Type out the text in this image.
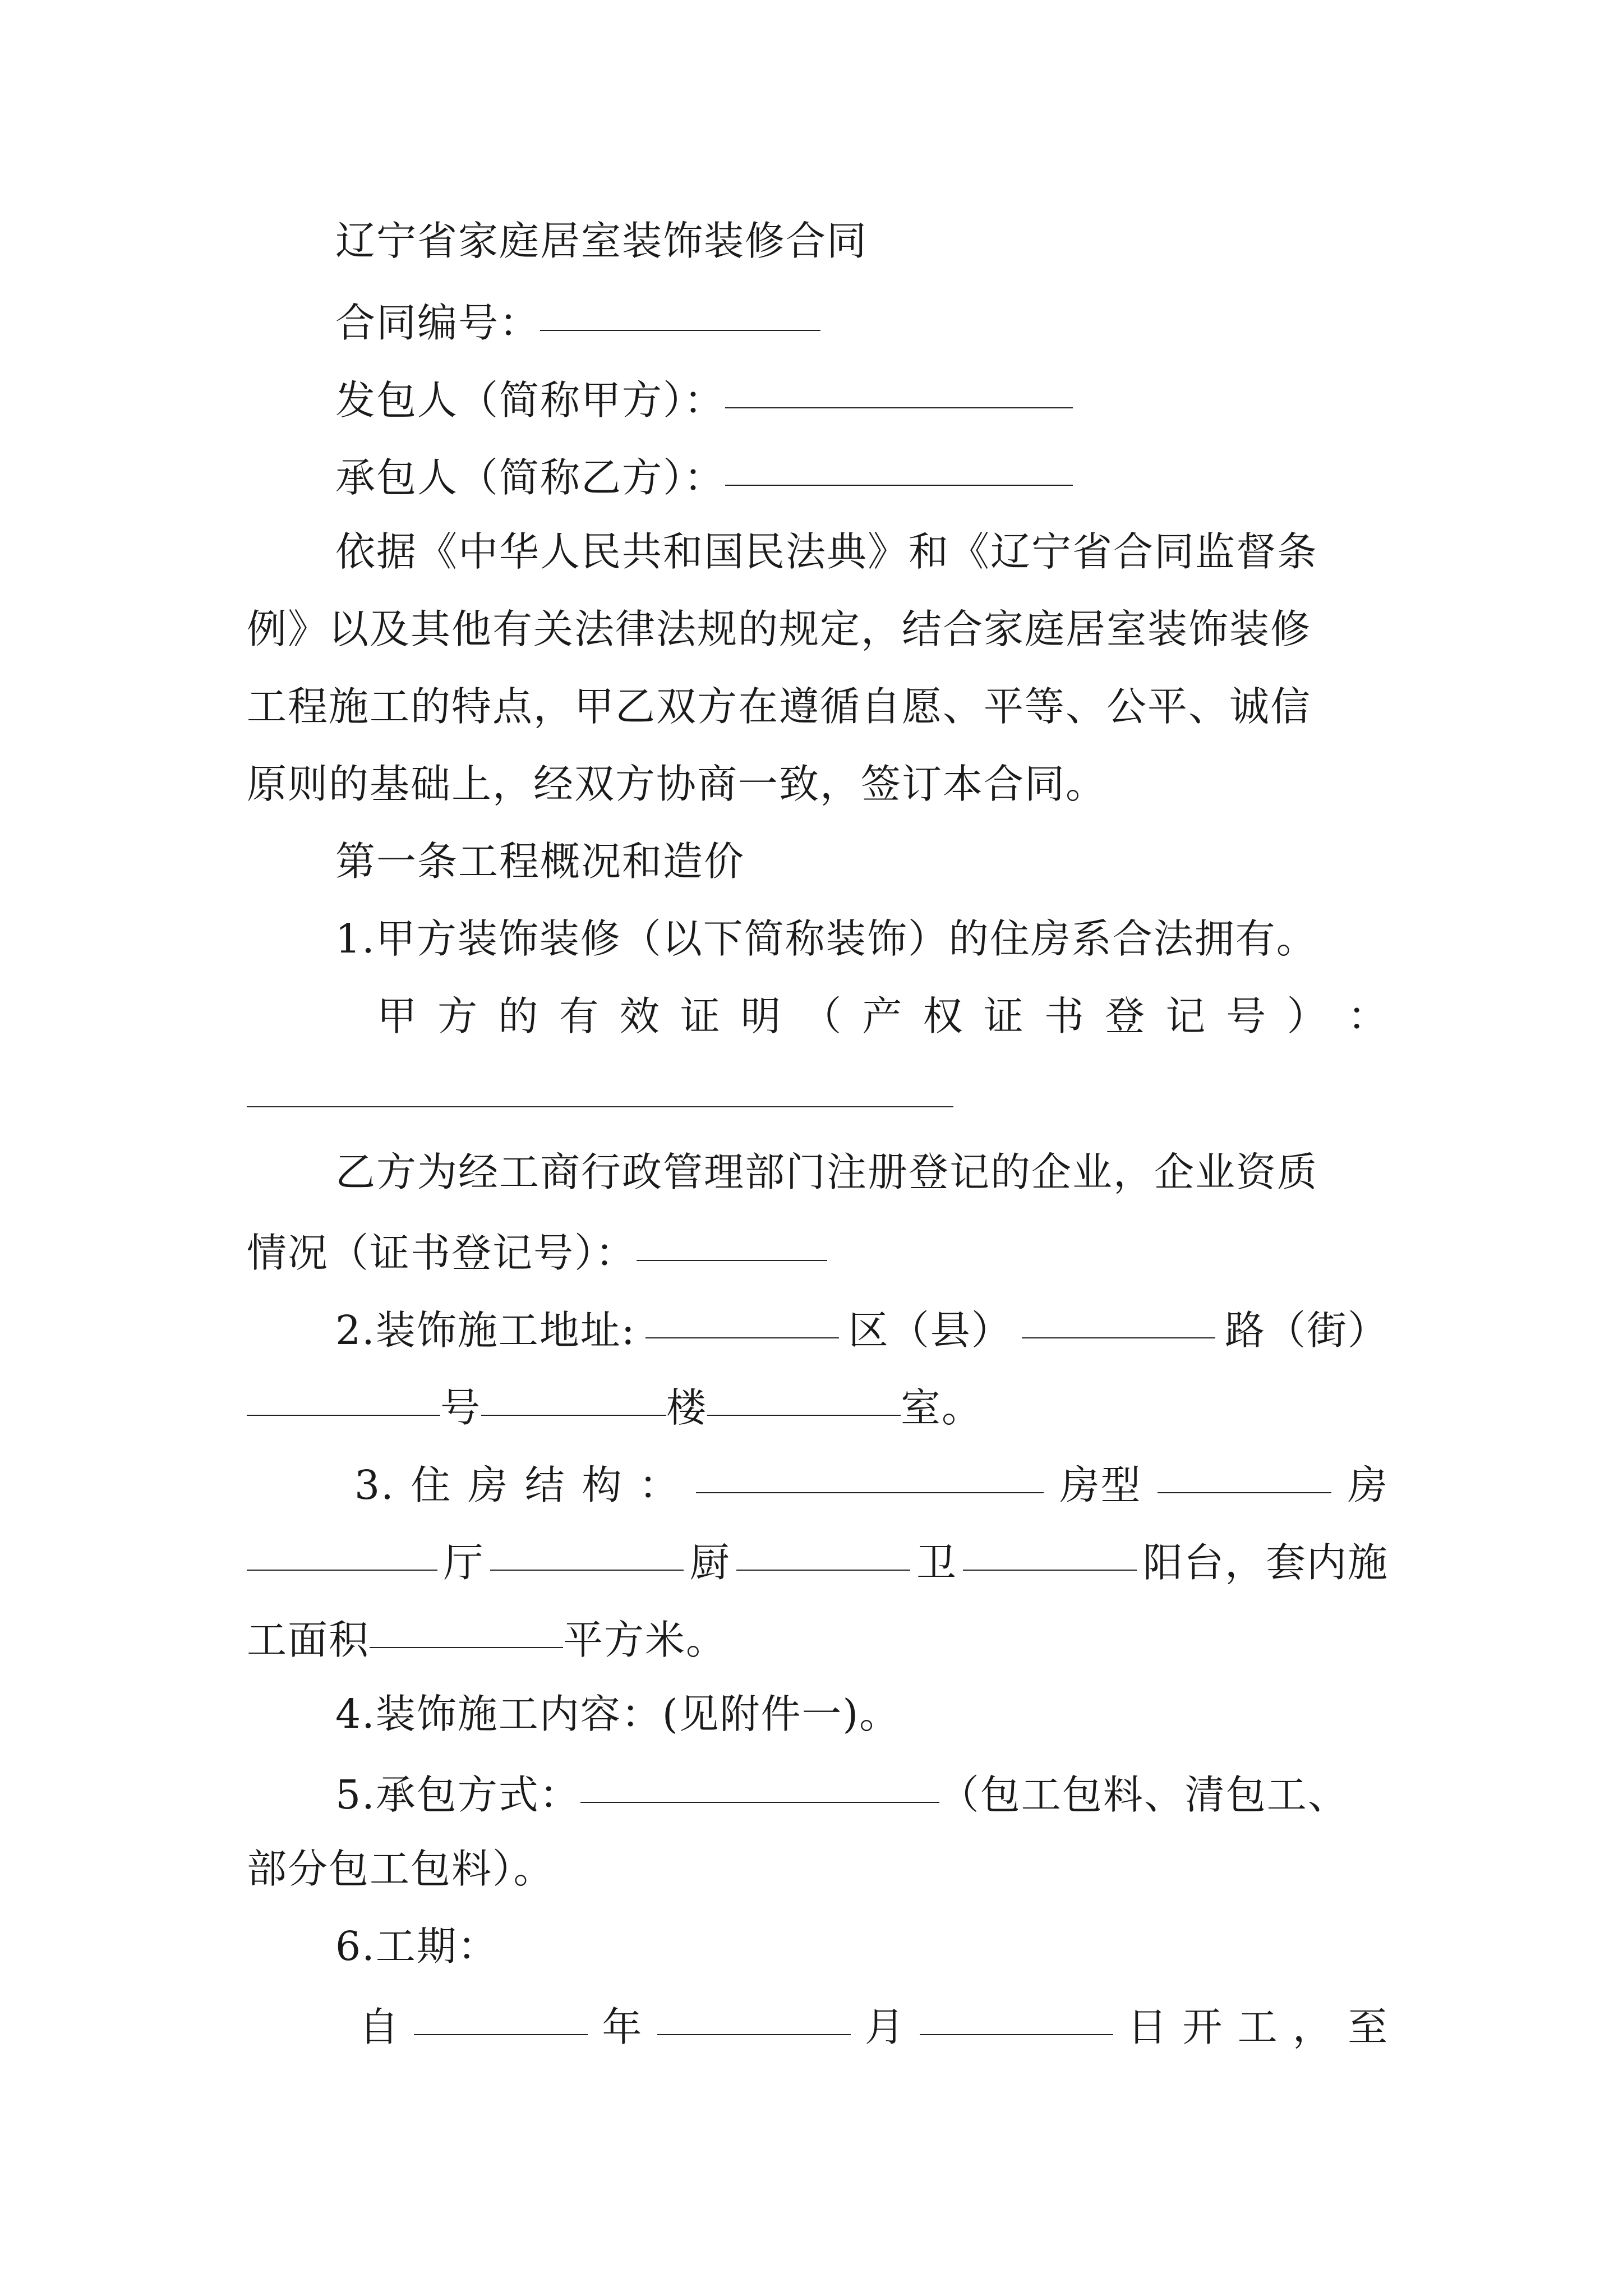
辽宁省家庭居室装饰装修合同
合同编号：
发包人（简称甲方）：
承包人（简称乙方）：
依据《中华人民共和国民法典》和《辽宁省合同监督条
例》以及其他有关法律法规的规定，结合家庭居室装饰装修
工程施工的特点，甲乙双方在遵循自愿、平等、公平、诚信
原则的基础上，经双方协商一致，签订本合同。
第一条工程概况和造价
1.甲方装饰装修（以下简称装饰）的住房系合法拥有。
甲 方 的 有 效 证 明 （ 产 权 证 书 登 记 号 ） ：
乙方为经工商行政管理部门注册登记的企业，企业资质
情况（证书登记号）：
2.装饰施工地址:	区（县）	路（街）
号	楼	室。
3. 住 房 结 构 ：	房型	房
厅	厨	卫	阳台，套内施
工面积	平方米。
4.装饰施工内容：(见附件一)。
5.承包方式：	（包工包料、清包工、
部分包工包料）。
6.工期：
自	年	月	日 开 工 ， 至
